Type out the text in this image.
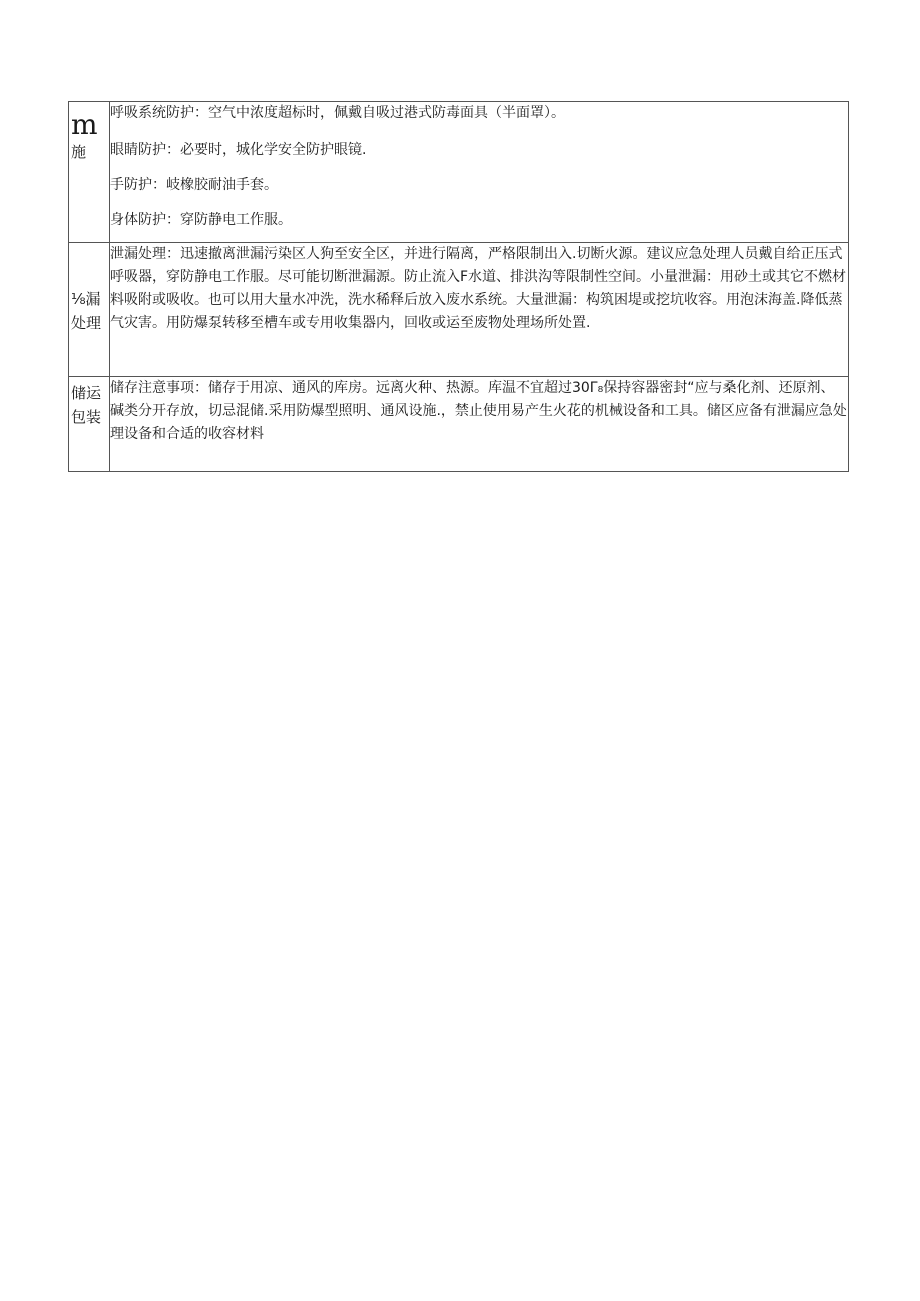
m
施	呼吸系统防护：空气中浓度超标时，佩戴自吸过港式防毒面具（半面罩）。
眼睛防护：必要时，城化学安全防护眼镜.
手防护：岐橡胶耐油手套。
身体防护：穿防静电工作服。

⅛漏
处理	泄漏处理：迅速撤离泄漏污染区人狗至安全区，并进行隔离，严格限制出入.切断火源。建议应急处理人员戴自给正压式呼吸器，穿防静电工作服。尽可能切断泄漏源。防止流入F水道、排洪沟等限制性空间。小量泄漏：用砂土或其它不燃材料吸附或吸收。也可以用大量水冲洗，洗水稀释后放入废水系统。大量泄漏：构筑困堤或挖坑收容。用泡沫海盖.降低蒸气灾害。用防爆泵转移至槽车或专用收集器内，回收或运至废物处理场所处置.

储运
包装	储存注意事项：储存于用凉、通风的库房。远离火种、热源。库温不宜超过30Γ₈保持容器密封“应与桑化剂、还原剂、碱类分开存放，切忌混储.采用防爆型照明、通风设施.，禁止使用易产生火花的机械设备和工具。储区应备有泄漏应急处理设备和合适的收容材料
